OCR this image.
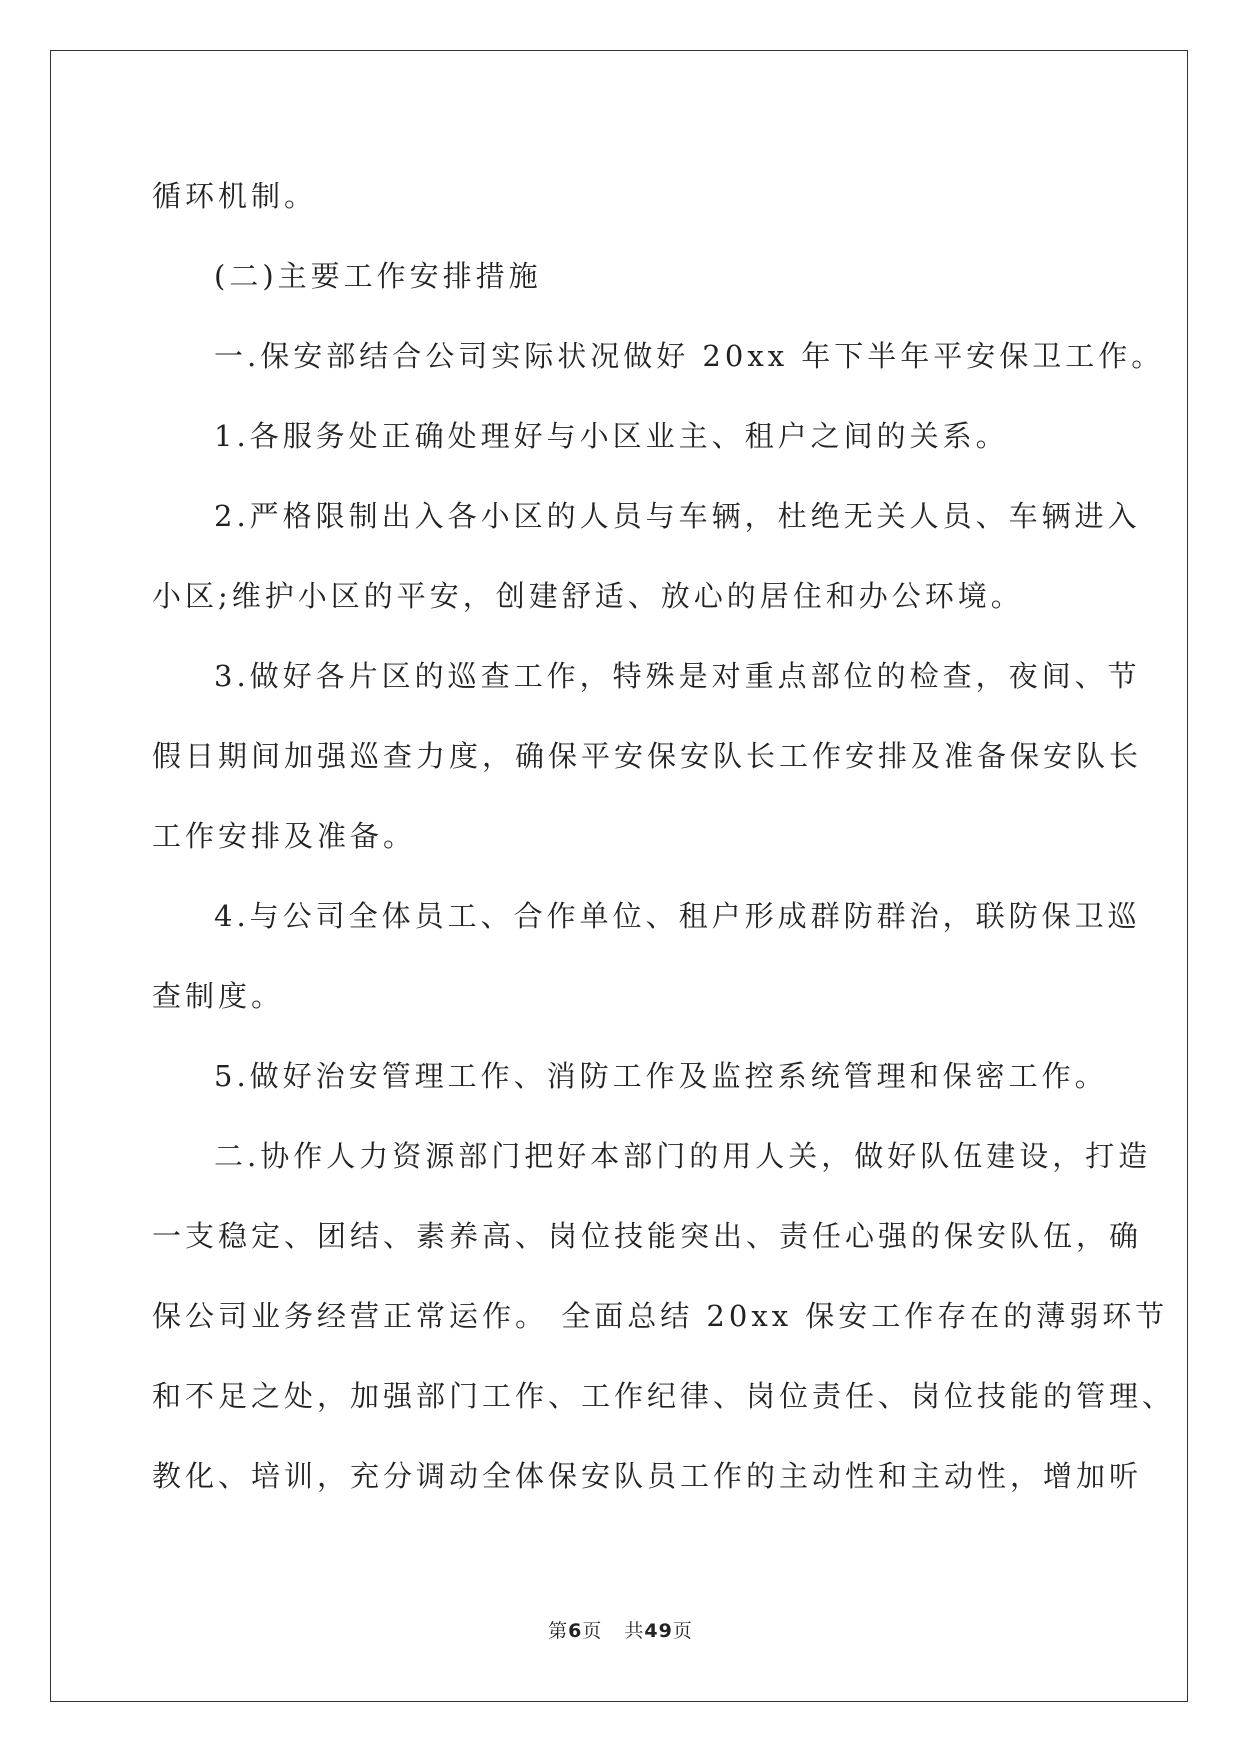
循环机制。
(二)主要工作安排措施
一.保安部结合公司实际状况做好 20xx 年下半年平安保卫工作。
1.各服务处正确处理好与小区业主、租户之间的关系。
2.严格限制出入各小区的人员与车辆，杜绝无关人员、车辆进入
小区;维护小区的平安，创建舒适、放心的居住和办公环境。
3.做好各片区的巡查工作，特殊是对重点部位的检查，夜间、节
假日期间加强巡查力度，确保平安保安队长工作安排及准备保安队长
工作安排及准备。
4.与公司全体员工、合作单位、租户形成群防群治，联防保卫巡
查制度。
5.做好治安管理工作、消防工作及监控系统管理和保密工作。
二.协作人力资源部门把好本部门的用人关，做好队伍建设，打造
一支稳定、团结、素养高、岗位技能突出、责任心强的保安队伍，确
保公司业务经营正常运作。 全面总结 20xx 保安工作存在的薄弱环节
和不足之处，加强部门工作、工作纪律、岗位责任、岗位技能的管理、
教化、培训，充分调动全体保安队员工作的主动性和主动性，增加听
第6页 共49页
